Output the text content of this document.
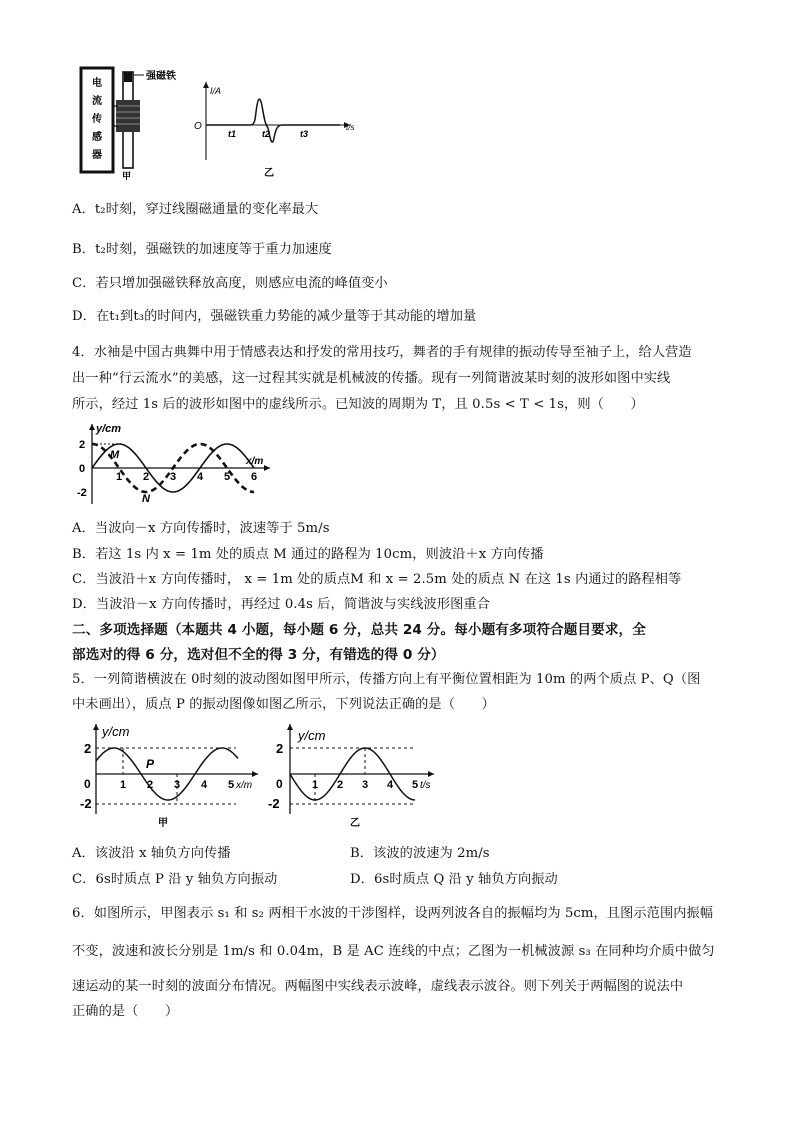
电
流
传
感
器
强磁铁
甲
I/A
t/s
O
t1	t2	t3
乙
A．t₂时刻，穿过线圈磁通量的变化率最大
B．t₂时刻，强磁铁的加速度等于重力加速度
C．若只增加强磁铁释放高度，则感应电流的峰值变小
D．在t₁到t₃的时间内，强磁铁重力势能的减少量等于其动能的增加量
4．水袖是中国古典舞中用于情感表达和抒发的常用技巧，舞者的手有规律的振动传导至袖子上，给人营造
出一种“行云流水”的美感，这一过程其实就是机械波的传播。现有一列简谐波某时刻的波形如图中实线
所示，经过 1s 后的波形如图中的虚线所示。已知波的周期为 T，且 0.5s < T < 1s，则（　　）
y/cm
x/m
2
0
-2
1 2 3 4 5 6
M
N
A．当波向－x 方向传播时，波速等于 5m/s
B．若这 1s 内 x = 1m 处的质点 M 通过的路程为 10cm，则波沿＋x 方向传播
C．当波沿＋x 方向传播时， x = 1m 处的质点M 和 x = 2.5m 处的质点 N 在这 1s 内通过的路程相等
D．当波沿－x 方向传播时，再经过 0.4s 后，简谐波与实线波形图重合
二、多项选择题（本题共 4 小题，每小题 6 分，总共 24 分。每小题有多项符合题目要求，全
部选对的得 6 分，选对但不全的得 3 分，有错选的得 0 分）
5．一列简谐横波在 0时刻的波动图如图甲所示，传播方向上有平衡位置相距为 10m 的两个质点 P、Q（图
中未画出），质点 P 的振动图像如图乙所示，下列说法正确的是（　　）
y/cm
x/m
2
0
-2
1 2 3 4 5
P
甲
y/cm
t/s
2
0
-2
1 2 3 4 5
乙
A．该波沿 x 轴负方向传播	B．该波的波速为 2m/s
C．6s时质点 P 沿 y 轴负方向振动	D．6s时质点 Q 沿 y 轴负方向振动
6．如图所示，甲图表示 s₁ 和 s₂ 两相干水波的干涉图样，设两列波各自的振幅均为 5cm，且图示范围内振幅
不变，波速和波长分别是 1m/s 和 0.04m，B 是 AC 连线的中点；乙图为一机械波源 s₃ 在同种均介质中做匀
速运动的某一时刻的波面分布情况。两幅图中实线表示波峰，虚线表示波谷。则下列关于两幅图的说法中
正确的是（　　）
